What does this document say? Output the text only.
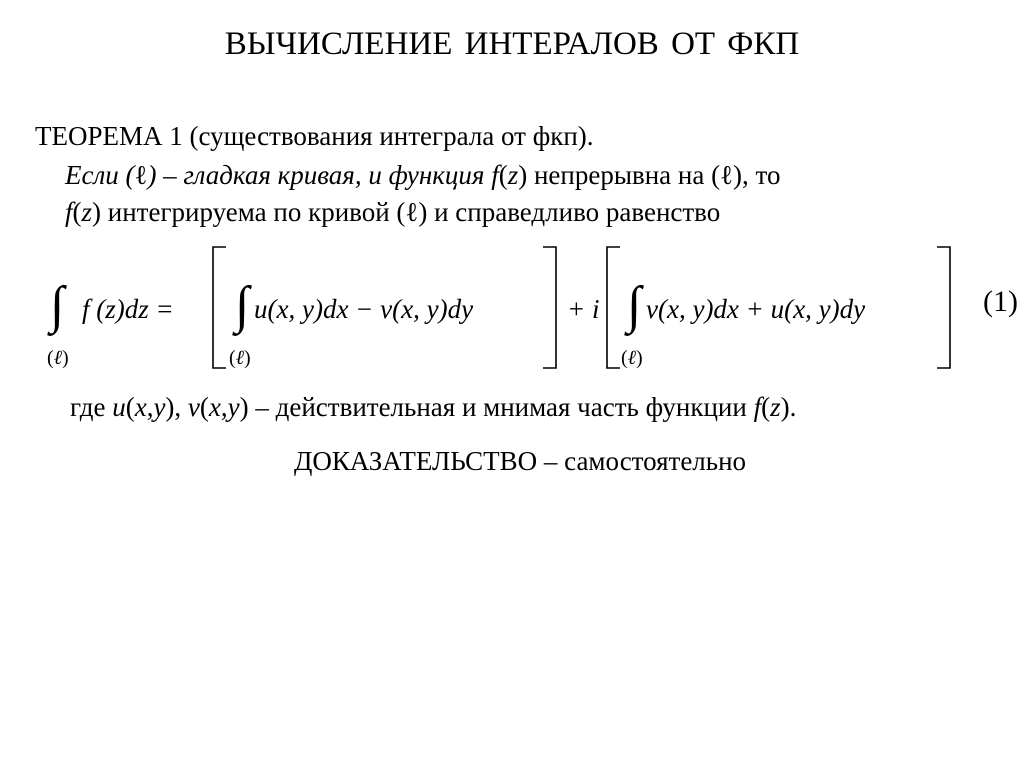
ВЫЧИСЛЕНИЕ ИНТЕРАЛОВ ОТ ФКП
ТЕОРЕМА 1 (существования интеграла от фкп).
Если (ℓ) – гладкая кривая, и функция f(z) непрерывна на (ℓ), то
f(z) интегрируема по кривой (ℓ) и справедливо равенство
∫
(ℓ)
f (z)dz = ∫
(ℓ)
u(x, y)dx − v(x, y)dy	+ i ∫
(ℓ)
v(x, y)dx + u(x, y)dy	(1)
где u(x,y), v(x,y) – действительная и мнимая часть функции f(z).
ДОКАЗАТЕЛЬСТВО – самостоятельно
